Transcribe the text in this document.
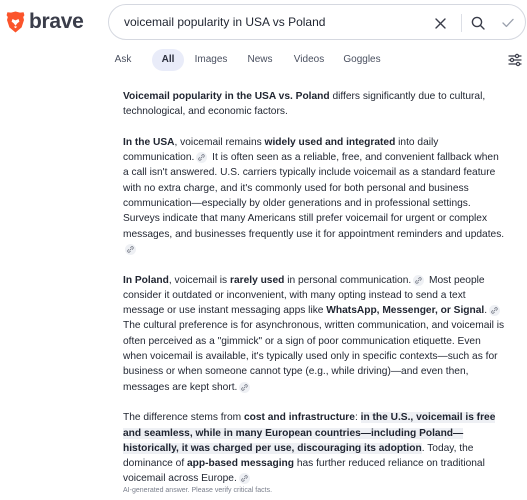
brave	voicemail popularity in USA vs Poland
Ask	All	Images	News	Videos	Goggles

Voicemail popularity in the USA vs. Poland differs significantly due to cultural, technological, and economic factors.

In the USA, voicemail remains widely used and integrated into daily communication.
It is often seen as a reliable, free, and convenient fallback when a call isn't answered. U.S. carriers typically include voicemail as a standard feature with no extra charge, and it's commonly used for both personal and business communication—especially by older generations and in professional settings. Surveys indicate that many Americans still prefer voicemail for urgent or complex messages, and businesses frequently use it for appointment reminders and updates.

In Poland, voicemail is rarely used in personal communication.
Most people consider it outdated or inconvenient, with many opting instead to send a text message or use instant messaging apps like WhatsApp, Messenger, or Signal.
The cultural preference is for asynchronous, written communication, and voicemail is often perceived as a "gimmick" or a sign of poor communication etiquette. Even when voicemail is available, it's typically used only in specific contexts—such as for business or when someone cannot type (e.g., while driving)—and even then, messages are kept short.

The difference stems from cost and infrastructure: in the U.S., voicemail is free and seamless, while in many European countries—including Poland—historically, it was charged per use, discouraging its adoption. Today, the dominance of app-based messaging has further reduced reliance on traditional voicemail across Europe.

AI-generated answer. Please verify critical facts.
